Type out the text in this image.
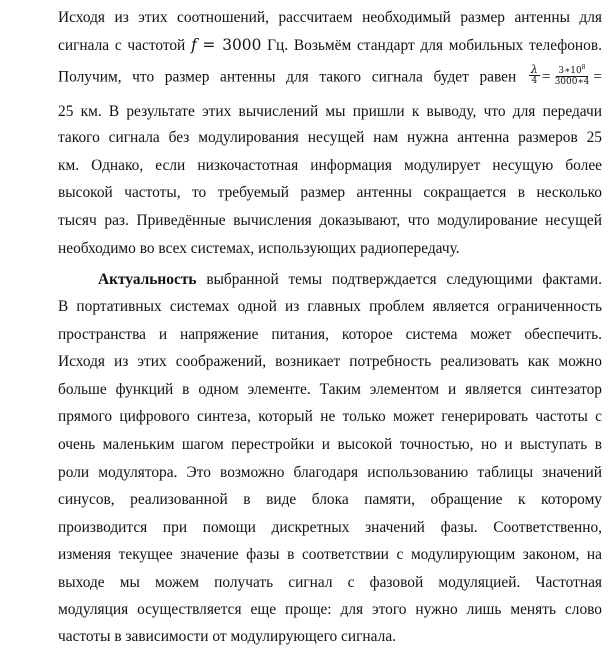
Исходя из этих соотношений, рассчитаем необходимый размер антенны для
сигнала с частотой f = 3000 Гц. Возьмём стандарт для мобильных телефонов.
Получим, что размер антенны для такого сигнала будет равен $\frac{\lambda}{4} = \frac{3∗10^8}{3000∗4}$ =
25 км. В результате этих вычислений мы пришли к выводу, что для передачи
такого сигнала без модулирования несущей нам нужна антенна размеров 25
км. Однако, если низкочастотная информация модулирует несущую более
высокой частоты, то требуемый размер антенны сокращается в несколько
тысяч раз. Приведённые вычисления доказывают, что модулирование несущей
необходимо во всех системах, использующих радиопередачу.
Актуальность выбранной темы подтверждается следующими фактами.
В портативных системах одной из главных проблем является ограниченность
пространства и напряжение питания, которое система может обеспечить.
Исходя из этих соображений, возникает потребность реализовать как можно
больше функций в одном элементе. Таким элементом и является синтезатор
прямого цифрового синтеза, который не только может генерировать частоты с
очень маленьким шагом перестройки и высокой точностью, но и выступать в
роли модулятора. Это возможно благодаря использованию таблицы значений
синусов, реализованной в виде блока памяти, обращение к которому
производится при помощи дискретных значений фазы. Соответственно,
изменяя текущее значение фазы в соответствии с модулирующим законом, на
выходе мы можем получать сигнал с фазовой модуляцией. Частотная
модуляция осуществляется еще проще: для этого нужно лишь менять слово
частоты в зависимости от модулирующего сигнала.
